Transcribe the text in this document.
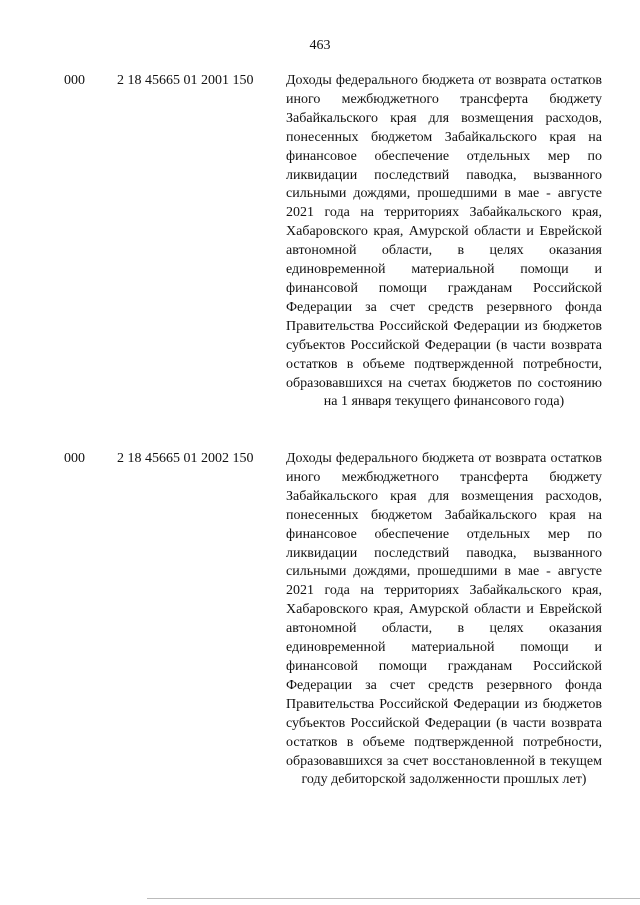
463
000 2 18 45665 01 2001 150 Доходы федерального бюджета от возврата остатков иного межбюджетного трансферта бюджету Забайкальского края для возмещения расходов, понесенных бюджетом Забайкальского края на финансовое обеспечение отдельных мер по ликвидации последствий паводка, вызванного сильными дождями, прошедшими в мае - августе 2021 года на территориях Забайкальского края, Хабаровского края, Амурской области и Еврейской автономной области, в целях оказания единовременной материальной помощи и финансовой помощи гражданам Российской Федерации за счет средств резервного фонда Правительства Российской Федерации из бюджетов субъектов Российской Федерации (в части возврата остатков в объеме подтвержденной потребности, образовавшихся на счетах бюджетов по состоянию на 1 января текущего финансового года)
000 2 18 45665 01 2002 150 Доходы федерального бюджета от возврата остатков иного межбюджетного трансферта бюджету Забайкальского края для возмещения расходов, понесенных бюджетом Забайкальского края на финансовое обеспечение отдельных мер по ликвидации последствий паводка, вызванного сильными дождями, прошедшими в мае - августе 2021 года на территориях Забайкальского края, Хабаровского края, Амурской области и Еврейской автономной области, в целях оказания единовременной материальной помощи и финансовой помощи гражданам Российской Федерации за счет средств резервного фонда Правительства Российской Федерации из бюджетов субъектов Российской Федерации (в части возврата остатков в объеме подтвержденной потребности, образовавшихся за счет восстановленной в текущем году дебиторской задолженности прошлых лет)
